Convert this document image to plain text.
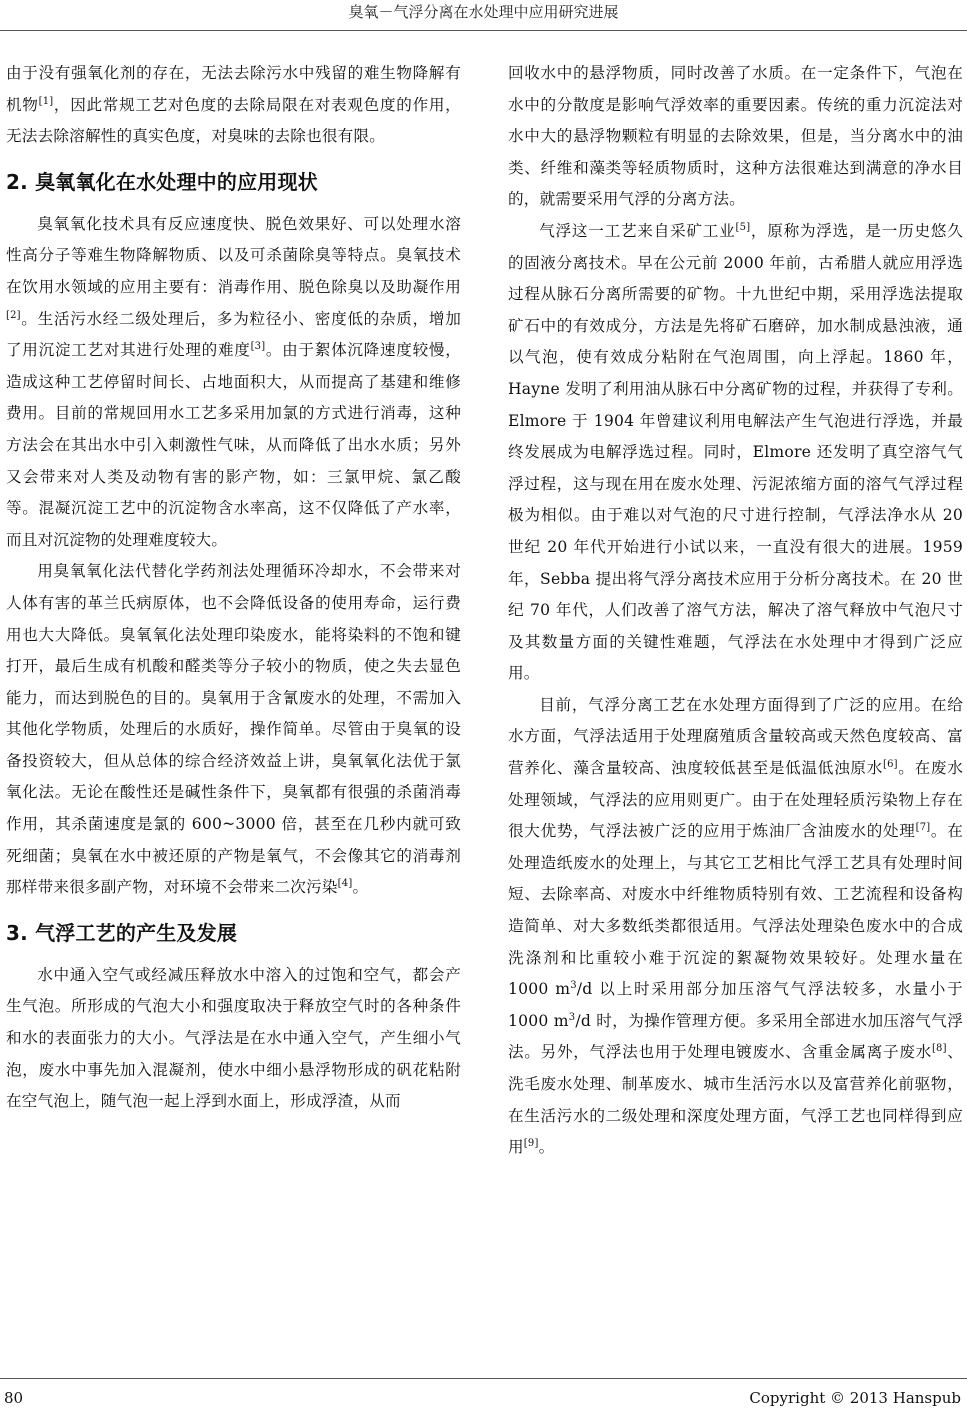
臭氧－气浮分离在水处理中应用研究进展

由于没有强氧化剂的存在，无法去除污水中残留的难生物降解有机物[1]，因此常规工艺对色度的去除局限在对表观色度的作用，无法去除溶解性的真实色度，对臭味的去除也很有限。

2. 臭氧氧化在水处理中的应用现状

臭氧氧化技术具有反应速度快、脱色效果好、可以处理水溶性高分子等难生物降解物质、以及可杀菌除臭等特点。臭氧技术在饮用水领域的应用主要有：消毒作用、脱色除臭以及助凝作用[2]。生活污水经二级处理后，多为粒径小、密度低的杂质，增加了用沉淀工艺对其进行处理的难度[3]。由于絮体沉降速度较慢，造成这种工艺停留时间长、占地面积大，从而提高了基建和维修费用。目前的常规回用水工艺多采用加氯的方式进行消毒，这种方法会在其出水中引入刺激性气味，从而降低了出水水质；另外又会带来对人类及动物有害的影产物，如：三氯甲烷、氯乙酸等。混凝沉淀工艺中的沉淀物含水率高，这不仅降低了产水率，而且对沉淀物的处理难度较大。

用臭氧氧化法代替化学药剂法处理循环冷却水，不会带来对人体有害的革兰氏病原体，也不会降低设备的使用寿命，运行费用也大大降低。臭氧氧化法处理印染废水，能将染料的不饱和键打开，最后生成有机酸和醛类等分子较小的物质，使之失去显色能力，而达到脱色的目的。臭氧用于含氰废水的处理，不需加入其他化学物质，处理后的水质好，操作简单。尽管由于臭氧的设备投资较大，但从总体的综合经济效益上讲，臭氧氧化法优于氯氧化法。无论在酸性还是碱性条件下，臭氧都有很强的杀菌消毒作用，其杀菌速度是氯的 600~3000 倍，甚至在几秒内就可致死细菌；臭氧在水中被还原的产物是氧气，不会像其它的消毒剂那样带来很多副产物，对环境不会带来二次污染[4]。

3. 气浮工艺的产生及发展

水中通入空气或经减压释放水中溶入的过饱和空气，都会产生气泡。所形成的气泡大小和强度取决于释放空气时的各种条件和水的表面张力的大小。气浮法是在水中通入空气，产生细小气泡，废水中事先加入混凝剂，使水中细小悬浮物形成的矾花粘附在空气泡上，随气泡一起上浮到水面上，形成浮渣，从而

回收水中的悬浮物质，同时改善了水质。在一定条件下，气泡在水中的分散度是影响气浮效率的重要因素。传统的重力沉淀法对水中大的悬浮物颗粒有明显的去除效果，但是，当分离水中的油类、纤维和藻类等轻质物质时，这种方法很难达到满意的净水目的，就需要采用气浮的分离方法。

气浮这一工艺来自采矿工业[5]，原称为浮选，是一历史悠久的固液分离技术。早在公元前 2000 年前，古希腊人就应用浮选过程从脉石分离所需要的矿物。十九世纪中期，采用浮选法提取矿石中的有效成分，方法是先将矿石磨碎，加水制成悬浊液，通以气泡，使有效成分粘附在气泡周围，向上浮起。1860 年，Hayne 发明了利用油从脉石中分离矿物的过程，并获得了专利。Elmore 于 1904 年曾建议利用电解法产生气泡进行浮选，并最终发展成为电解浮选过程。同时，Elmore 还发明了真空溶气气浮过程，这与现在用在废水处理、污泥浓缩方面的溶气气浮过程极为相似。由于难以对气泡的尺寸进行控制，气浮法净水从 20 世纪 20 年代开始进行小试以来，一直没有很大的进展。1959 年，Sebba 提出将气浮分离技术应用于分析分离技术。在 20 世纪 70 年代，人们改善了溶气方法，解决了溶气释放中气泡尺寸及其数量方面的关键性难题，气浮法在水处理中才得到广泛应用。

目前，气浮分离工艺在水处理方面得到了广泛的应用。在给水方面，气浮法适用于处理腐殖质含量较高或天然色度较高、富营养化、藻含量较高、浊度较低甚至是低温低浊原水[6]。在废水处理领域，气浮法的应用则更广。由于在处理轻质污染物上存在很大优势，气浮法被广泛的应用于炼油厂含油废水的处理[7]。在处理造纸废水的处理上，与其它工艺相比气浮工艺具有处理时间短、去除率高、对废水中纤维物质特别有效、工艺流程和设备构造简单、对大多数纸类都很适用。气浮法处理染色废水中的合成洗涤剂和比重较小难于沉淀的絮凝物效果较好。处理水量在 1000 $m^3/d$ 以上时采用部分加压溶气气浮法较多，水量小于 1000 $m^3/d$ 时，为操作管理方便。多采用全部进水加压溶气气浮法。另外，气浮法也用于处理电镀废水、含重金属离子废水[8]、洗毛废水处理、制革废水、城市生活污水以及富营养化前驱物，在生活污水的二级处理和深度处理方面，气浮工艺也同样得到应用[9]。

80	Copyright © 2013 Hanspub
